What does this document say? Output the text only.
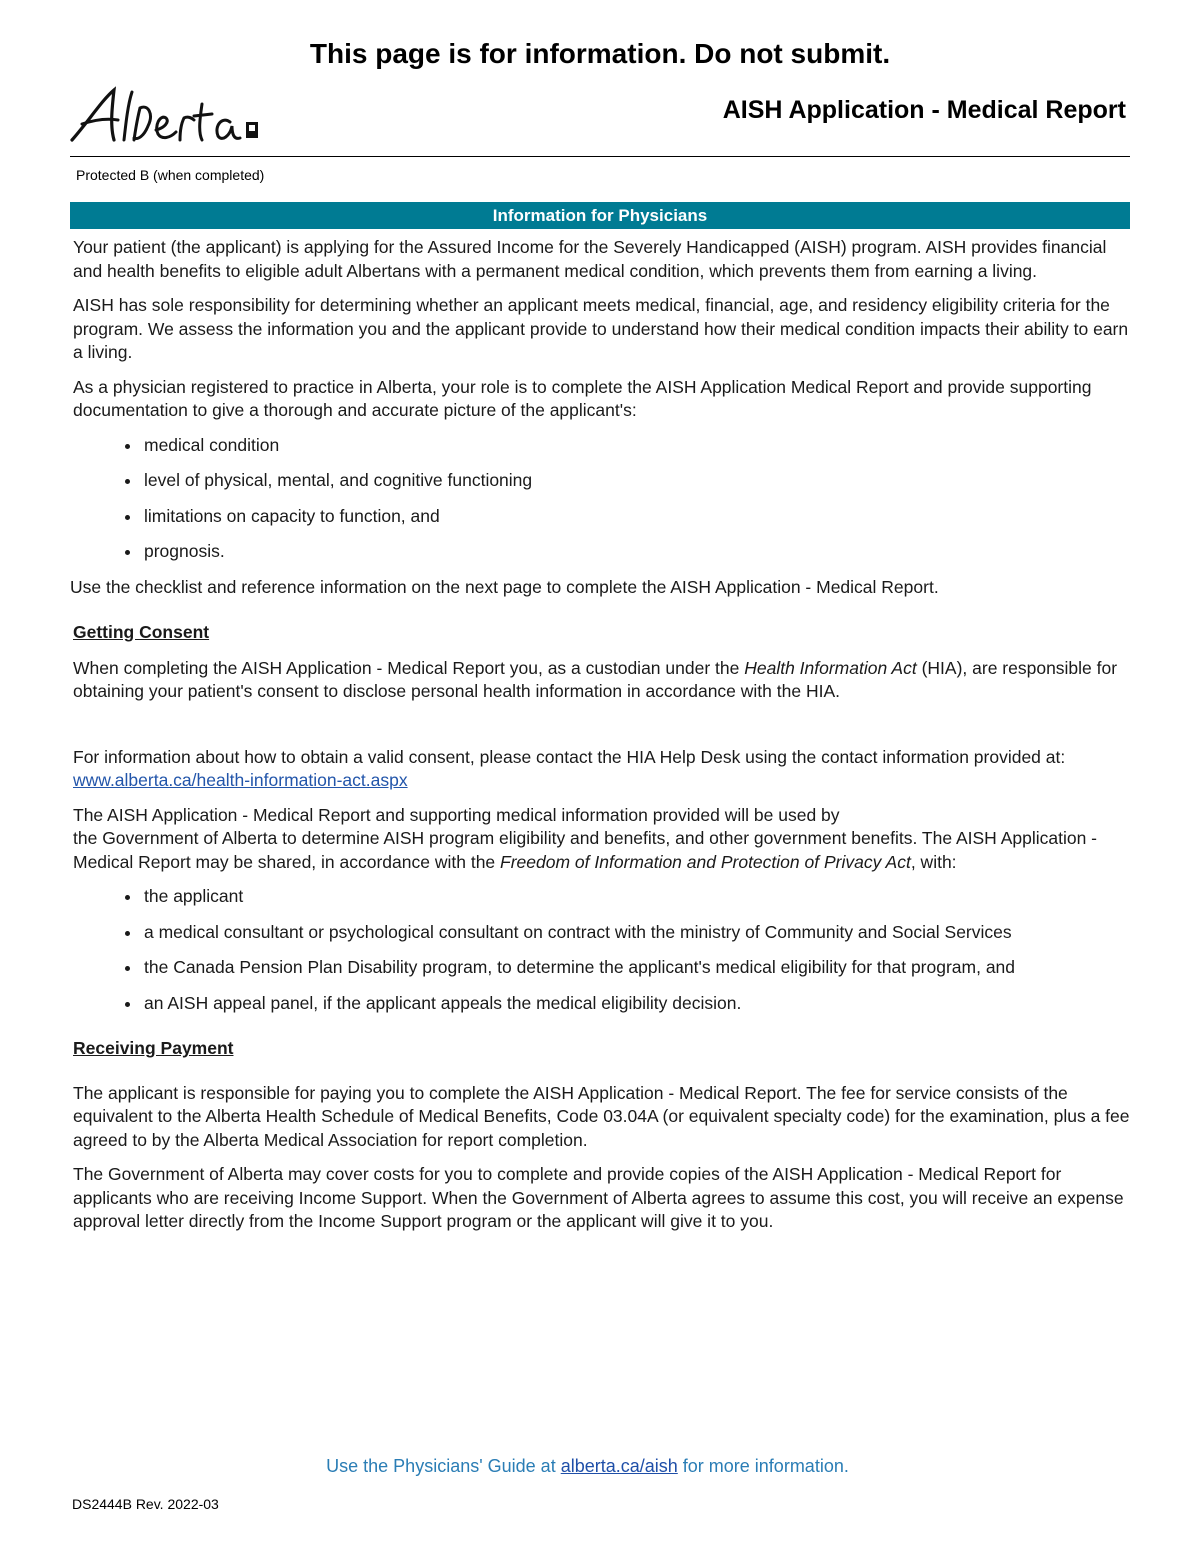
This page is for information. Do not submit.
AISH Application - Medical Report
Protected B (when completed)
Information for Physicians

Your patient (the applicant) is applying for the Assured Income for the Severely Handicapped (AISH) program. AISH provides financial and health benefits to eligible adult Albertans with a permanent medical condition, which prevents them from earning a living.

AISH has sole responsibility for determining whether an applicant meets medical, financial, age, and residency eligibility criteria for the program. We assess the information you and the applicant provide to understand how their medical condition impacts their ability to earn a living.

As a physician registered to practice in Alberta, your role is to complete the AISH Application Medical Report and provide supporting documentation to give a thorough and accurate picture of the applicant's:

medical condition
level of physical, mental, and cognitive functioning
limitations on capacity to function, and
prognosis.

Use the checklist and reference information on the next page to complete the AISH Application - Medical Report.

Getting Consent

When completing the AISH Application - Medical Report you, as a custodian under the Health Information Act (HIA), are responsible for obtaining your patient's consent to disclose personal health information in accordance with the HIA.

For information about how to obtain a valid consent, please contact the HIA Help Desk using the contact information provided at: www.alberta.ca/health-information-act.aspx

The AISH Application - Medical Report and supporting medical information provided will be used by
the Government of Alberta to determine AISH program eligibility and benefits, and other government benefits. The AISH Application - Medical Report may be shared, in accordance with the Freedom of Information and Protection of Privacy Act, with:

the applicant
a medical consultant or psychological consultant on contract with the ministry of Community and Social Services
the Canada Pension Plan Disability program, to determine the applicant's medical eligibility for that program, and
an AISH appeal panel, if the applicant appeals the medical eligibility decision.
Receiving Payment

The applicant is responsible for paying you to complete the AISH Application - Medical Report. The fee for service consists of the equivalent to the Alberta Health Schedule of Medical Benefits, Code 03.04A (or equivalent specialty code) for the examination, plus a fee agreed to by the Alberta Medical Association for report completion.

The Government of Alberta may cover costs for you to complete and provide copies of the AISH Application - Medical Report for applicants who are receiving Income Support. When the Government of Alberta agrees to assume this cost, you will receive an expense approval letter directly from the Income Support program or the applicant will give it to you.

Use the Physicians' Guide at alberta.ca/aish for more information.
DS2444B Rev. 2022-03
